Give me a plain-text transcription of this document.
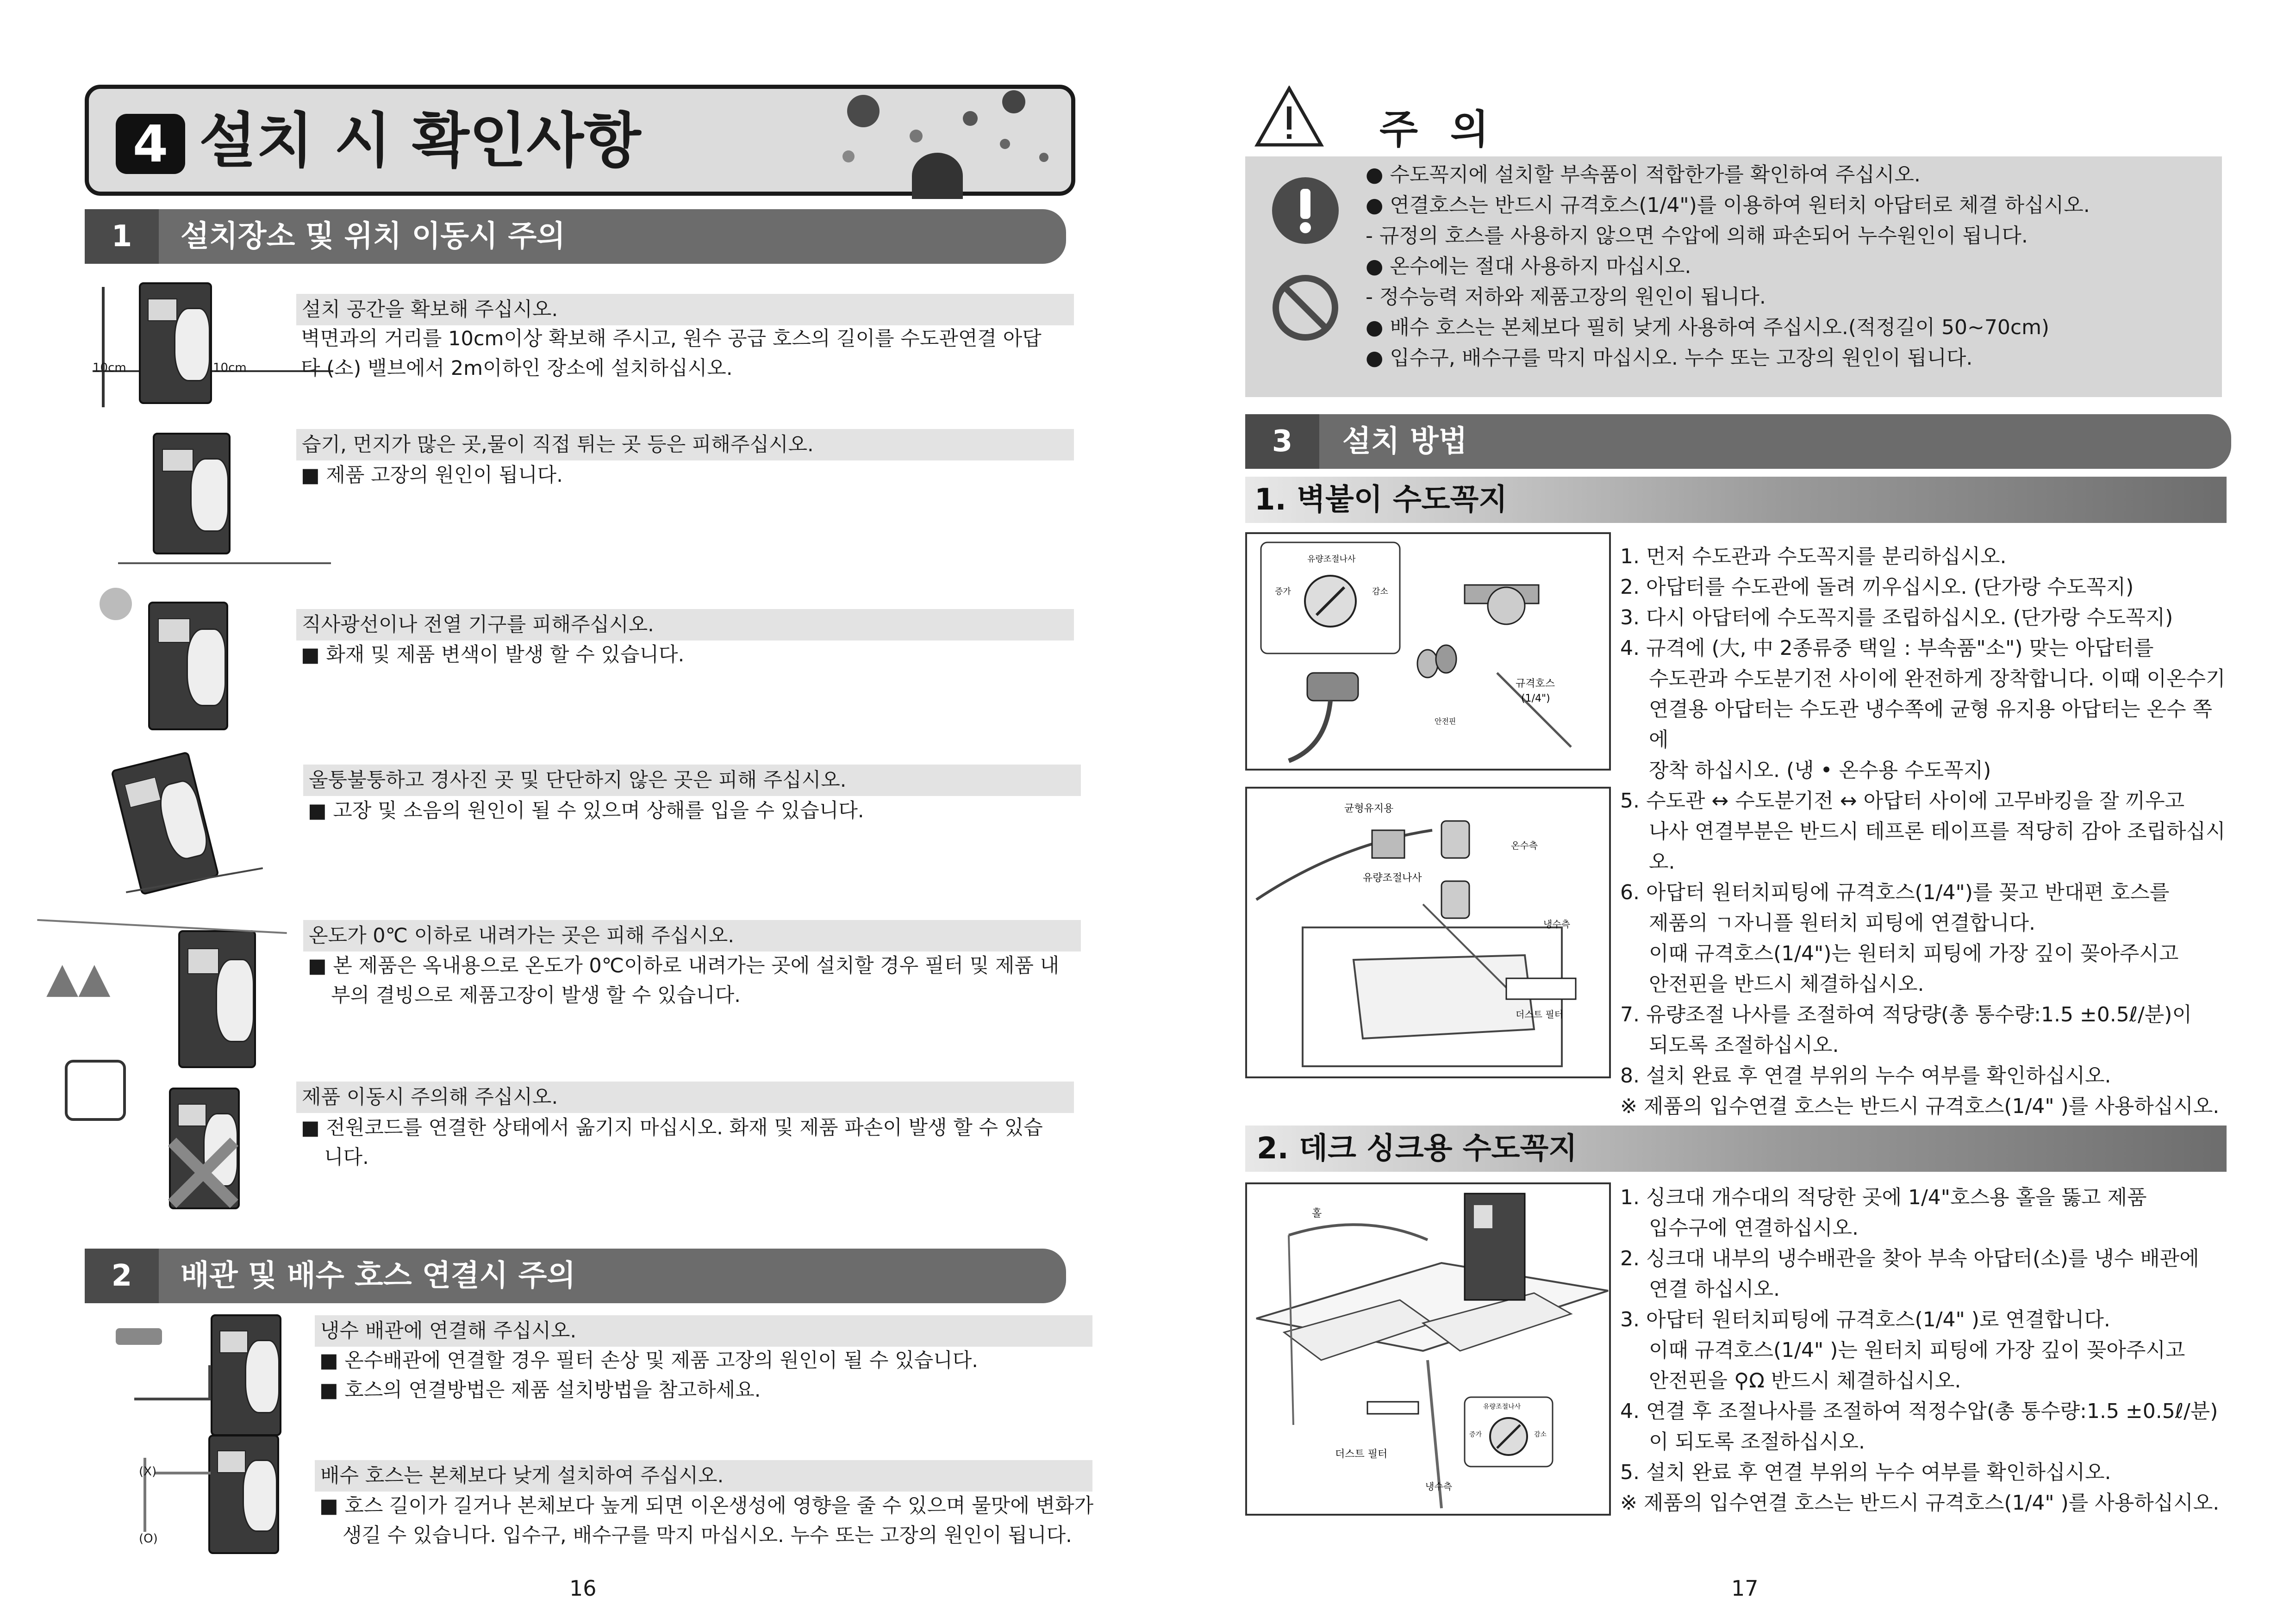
4 설치 시 확인사항
1	설치장소 및 위치 이동시 주의
10cm	10cm
▲▲
✕
설치 공간을 확보해 주십시오.
벽면과의 거리를 10cm이상 확보해 주시고, 원수 공급 호스의 길이를 수도관연결 아답
타 (소) 밸브에서 2m이하인 장소에 설치하십시오.
습기, 먼지가 많은 곳,물이 직접 튀는 곳 등은 피해주십시오.
■ 제품 고장의 원인이 됩니다.
직사광선이나 전열 기구를 피해주십시오.
■ 화재 및 제품 변색이 발생 할 수 있습니다.
울퉁불퉁하고 경사진 곳 및 단단하지 않은 곳은 피해 주십시오.
■ 고장 및 소음의 원인이 될 수 있으며 상해를 입을 수 있습니다.
온도가 0℃ 이하로 내려가는 곳은 피해 주십시오.
■ 본 제품은 옥내용으로 온도가 0℃이하로 내려가는 곳에 설치할 경우 필터 및 제품 내
부의 결빙으로 제품고장이 발생 할 수 있습니다.
제품 이동시 주의해 주십시오.
■ 전원코드를 연결한 상태에서 옮기지 마십시오. 화재 및 제품 파손이 발생 할 수 있습
니다.
2	배관 및 배수 호스 연결시 주의
(X)
(O)
냉수 배관에 연결해 주십시오.
■ 온수배관에 연결할 경우 필터 손상 및 제품 고장의 원인이 될 수 있습니다.
■ 호스의 연결방법은 제품 설치방법을 참고하세요.
배수 호스는 본체보다 낮게 설치하여 주십시오.
■ 호스 길이가 길거나 본체보다 높게 되면 이온생성에 영향을 줄 수 있으며 물맛에 변화가
생길 수 있습니다. 입수구, 배수구를 막지 마십시오. 누수 또는 고장의 원인이 됩니다.
16
주 의
● 수도꼭지에 설치할 부속품이 적합한가를 확인하여 주십시오.
● 연결호스는 반드시 규격호스(1/4")를 이용하여 원터치 아답터로 체결 하십시오.
- 규정의 호스를 사용하지 않으면 수압에 의해 파손되어 누수원인이 됩니다.
● 온수에는 절대 사용하지 마십시오.
- 정수능력 저하와 제품고장의 원인이 됩니다.
● 배수 호스는 본체보다 필히 낮게 사용하여 주십시오.(적정길이 50~70cm)
● 입수구, 배수구를 막지 마십시오. 누수 또는 고장의 원인이 됩니다.
3	설치 방법
1. 벽붙이 수도꼭지
유량조절나사
증가	감소
규격호스
(1/4")
안전핀
균형유지용
유량조절나사
온수측
냉수측
더스트 필터
1. 먼저 수도관과 수도꼭지를 분리하십시오.
2. 아답터를 수도관에 돌려 끼우십시오. (단가랑 수도꼭지)
3. 다시 아답터에 수도꼭지를 조립하십시오. (단가랑 수도꼭지)
4. 규격에 (大, 中 2종류중 택일 : 부속품"소") 맞는 아답터를
수도관과 수도분기전 사이에 완전하게 장착합니다. 이때 이온수기
연결용 아답터는 수도관 냉수쪽에 균형 유지용 아답터는 온수 쪽에
장착 하십시오. (냉 • 온수용 수도꼭지)
5. 수도관 ↔ 수도분기전 ↔ 아답터 사이에 고무바킹을 잘 끼우고
나사 연결부분은 반드시 테프론 테이프를 적당히 감아 조립하십시오.
6. 아답터 원터치피팅에 규격호스(1/4")를 꽂고 반대편 호스를
제품의 ㄱ자니플 원터치 피팅에 연결합니다.
이때 규격호스(1/4")는 원터치 피팅에 가장 깊이 꽂아주시고
안전핀을 반드시 체결하십시오.
7. 유량조절 나사를 조절하여 적당량(총 통수량:1.5 ±0.5ℓ/분)이
되도록 조절하십시오.
8. 설치 완료 후 연결 부위의 누수 여부를 확인하십시오.
※ 제품의 입수연결 호스는 반드시 규격호스(1/4" )를 사용하십시오.
2. 데크 싱크용 수도꼭지
홀
더스트 필터
냉수측
유량조절나사
증가	감소
1. 싱크대 개수대의 적당한 곳에 1/4"호스용 홀을 뚫고 제품
입수구에 연결하십시오.
2. 싱크대 내부의 냉수배관을 찾아 부속 아답터(소)를 냉수 배관에
연결 하십시오.
3. 아답터 원터치피팅에 규격호스(1/4" )로 연결합니다.
이때 규격호스(1/4" )는 원터치 피팅에 가장 깊이 꽂아주시고
안전핀을 ⚲Ω 반드시 체결하십시오.
4. 연결 후 조절나사를 조절하여 적정수압(총 통수량:1.5 ±0.5ℓ/분)
이 되도록 조절하십시오.
5. 설치 완료 후 연결 부위의 누수 여부를 확인하십시오.
※ 제품의 입수연결 호스는 반드시 규격호스(1/4" )를 사용하십시오.
17
